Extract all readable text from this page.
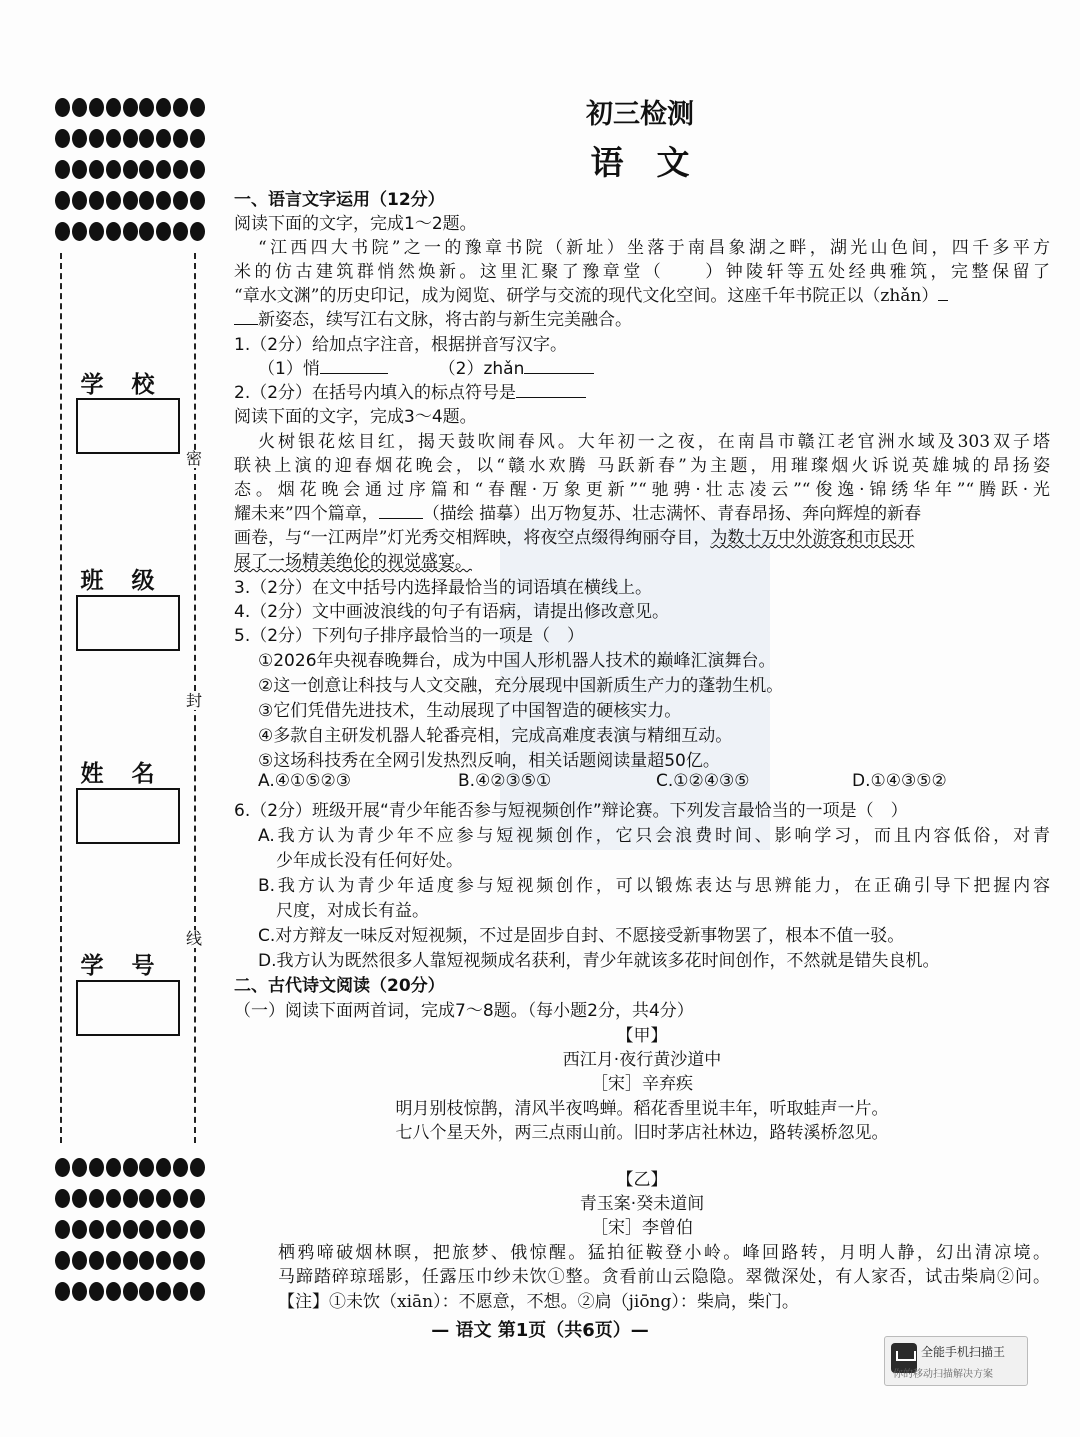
密
封
线
学 校
班 级
姓 名
学 号
初三检测
语　文
一、语言文字运用（12分）
阅读下面的文字，完成1～2题。
“江西四大书院”之一的豫章书院（新址）坐落于南昌象湖之畔，湖光山色间，四千多平方
米的仿古建筑群悄然焕新。这里汇聚了豫章堂（　　）钟陵轩等五处经典雅筑，完整保留了
“章水文渊”的历史印记，成为阅览、研学与交流的现代文化空间。这座千年书院正以（zhǎn）
新姿态，续写江右文脉，将古韵与新生完美融合。
1.（2分）给加点字注音，根据拼音写汉字。
（1）悄	（2）zhǎn
2.（2分）在括号内填入的标点符号是
阅读下面的文字，完成3～4题。
火树银花炫目红，揭天鼓吹闹春风。大年初一之夜，在南昌市赣江老官洲水域及303双子塔
联袂上演的迎春烟花晚会，以“赣水欢腾 马跃新春”为主题，用璀璨烟火诉说英雄城的昂扬姿
态。烟花晚会通过序篇和“春醒·万象更新”“驰骋·壮志凌云”“俊逸·锦绣华年”“腾跃·光
耀未来”四个篇章，	（描绘 描摹）出万物复苏、壮志满怀、青春昂扬、奔向辉煌的新春
画卷，与“一江两岸”灯光秀交相辉映，将夜空点缀得绚丽夺目，为数十万中外游客和市民开
展了一场精美绝伦的视觉盛宴。
3.（2分）在文中括号内选择最恰当的词语填在横线上。
4.（2分）文中画波浪线的句子有语病，请提出修改意见。
5.（2分）下列句子排序最恰当的一项是（　）
①2026年央视春晚舞台，成为中国人形机器人技术的巅峰汇演舞台。
②这一创意让科技与人文交融，充分展现中国新质生产力的蓬勃生机。
③它们凭借先进技术，生动展现了中国智造的硬核实力。
④多款自主研发机器人轮番亮相，完成高难度表演与精细互动。
⑤这场科技秀在全网引发热烈反响，相关话题阅读量超50亿。
A.④①⑤②③	B.④②③⑤①	C.①②④③⑤	D.①④③⑤②
6.（2分）班级开展“青少年能否参与短视频创作”辩论赛。下列发言最恰当的一项是（　）
A.我方认为青少年不应参与短视频创作，它只会浪费时间、影响学习，而且内容低俗，对青
少年成长没有任何好处。
B.我方认为青少年适度参与短视频创作，可以锻炼表达与思辨能力，在正确引导下把握内容
尺度，对成长有益。
C.对方辩友一味反对短视频，不过是固步自封、不愿接受新事物罢了，根本不值一驳。
D.我方认为既然很多人靠短视频成名获利，青少年就该多花时间创作，不然就是错失良机。
二、古代诗文阅读（20分）
（一）阅读下面两首词，完成7～8题。（每小题2分，共4分）
【甲】
西江月·夜行黄沙道中
［宋］辛弃疾
明月别枝惊鹊，清风半夜鸣蝉。稻花香里说丰年，听取蛙声一片。
七八个星天外，两三点雨山前。旧时茅店社林边，路转溪桥忽见。
【乙】
青玉案·癸未道间
［宋］李曾伯
栖鸦啼破烟林暝，把旅梦、俄惊醒。猛拍征鞍登小岭。峰回路转，月明人静，幻出清凉境。
马蹄踏碎琼瑶影，任露压巾纱未饮①整。贪看前山云隐隐。翠微深处，有人家否，试击柴扃②问。
【注】①未饮（xiān）：不愿意，不想。②扃（jiōng）：柴扃，柴门。
— 语文 第1页（共6页）—
全能手机扫描王
你的移动扫描解决方案
